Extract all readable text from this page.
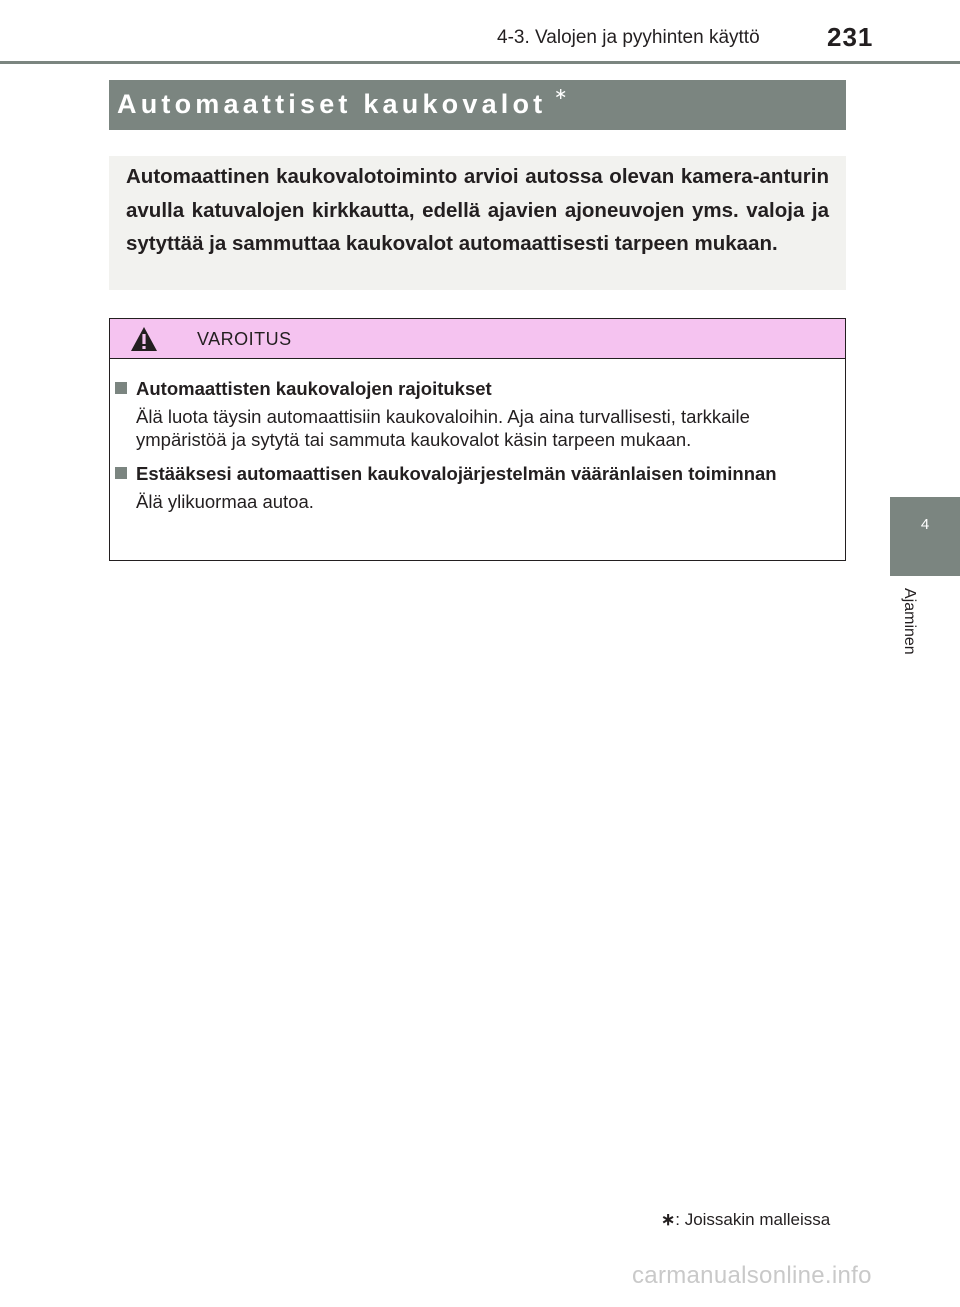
4-3. Valojen ja pyyhinten käyttö	231
Automaattiset kaukovalot ∗
Automaattinen kaukovalotoiminto arvioi autossa olevan kamera-anturin avulla katuvalojen kirkkautta, edellä ajavien ajoneuvojen yms. valoja ja sytyttää ja sammuttaa kaukovalot automaattisesti tarpeen mukaan.
VAROITUS
Automaattisten kaukovalojen rajoitukset
Älä luota täysin automaattisiin kaukovaloihin. Aja aina turvallisesti, tarkkaile ympäristöä ja sytytä tai sammuta kaukovalot käsin tarpeen mukaan.
Estääksesi automaattisen kaukovalojärjestelmän vääränlaisen toiminnan
Älä ylikuormaa autoa.
4
Ajaminen
∗: Joissakin malleissa
carmanualsonline.info
